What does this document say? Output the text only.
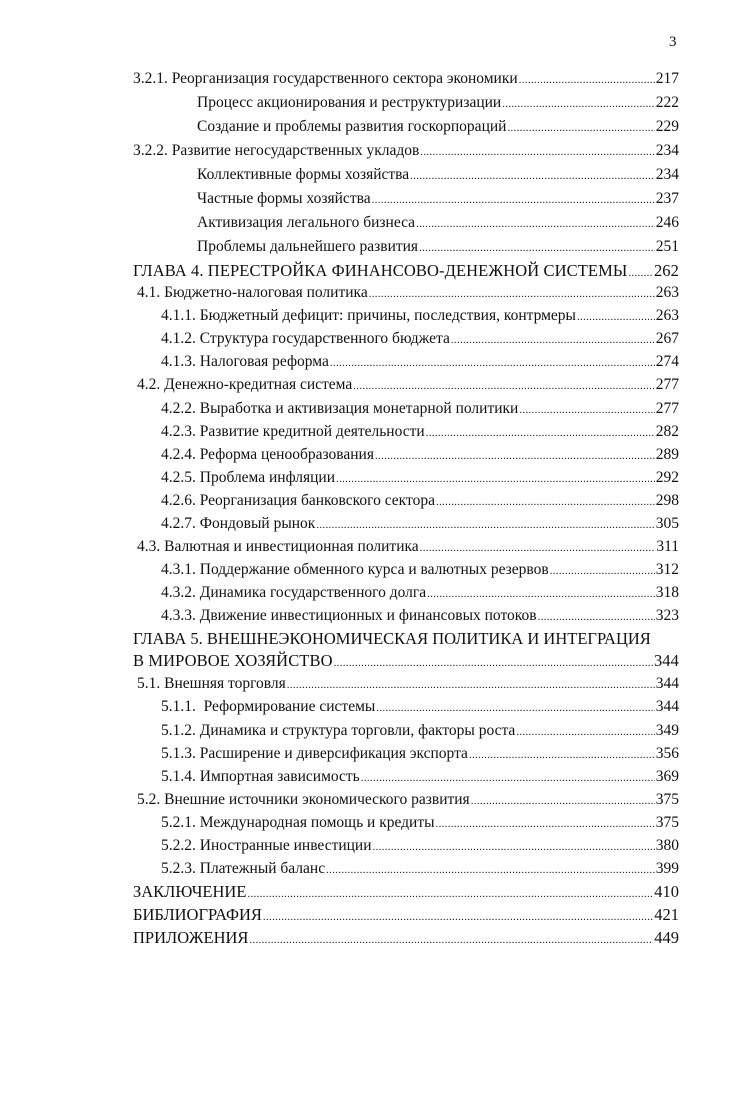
3
3.2.1. Реорганизация государственного сектора экономики .....	217
Процесс акционирования и реструктуризации .....	222
Создание и проблемы развития госкорпораций .....	229
3.2.2. Развитие негосударственных укладов .....	234
Коллективные формы хозяйства .....	234
Частные формы хозяйства .....	237
Активизация легального бизнеса .....	246
Проблемы дальнейшего развития .....	251
ГЛАВА 4. ПЕРЕСТРОЙКА ФИНАНСОВО-ДЕНЕЖНОЙ СИСТЕМЫ ..... 262
4.1. Бюджетно-налоговая политика .....	263
4.1.1. Бюджетный дефицит: причины, последствия, контрмеры .....	263
4.1.2. Структура государственного бюджета .....	267
4.1.3. Налоговая реформа .....	274
4.2. Денежно-кредитная система .....	277
4.2.2. Выработка и активизация монетарной политики .....	277
4.2.3. Развитие кредитной деятельности .....	282
4.2.4. Реформа ценообразования .....	289
4.2.5. Проблема инфляции .....	292
4.2.6. Реорганизация банковского сектора .....	298
4.2.7. Фондовый рынок .....	305
4.3. Валютная и инвестиционная политика .....	311
4.3.1. Поддержание обменного курса и валютных резервов .....	312
4.3.2. Динамика государственного долга .....	318
4.3.3. Движение инвестиционных и финансовых потоков .....	323
ГЛАВА 5. ВНЕШНЕЭКОНОМИЧЕСКАЯ ПОЛИТИКА И ИНТЕГРАЦИЯ
В МИРОВОЕ ХОЗЯЙСТВО .....	344
5.1. Внешняя торговля .....	344
5.1.1.  Реформирование системы .....	344
5.1.2. Динамика и структура торговли, факторы роста .....	349
5.1.3. Расширение и диверсификация экспорта .....	356
5.1.4. Импортная зависимость .....	369
5.2. Внешние источники экономического развития .....	375
5.2.1. Международная помощь и кредиты .....	375
5.2.2. Иностранные инвестиции .....	380
5.2.3. Платежный баланс .....	399
ЗАКЛЮЧЕНИЕ .....	410
БИБЛИОГРАФИЯ .....	421
ПРИЛОЖЕНИЯ .....	449
